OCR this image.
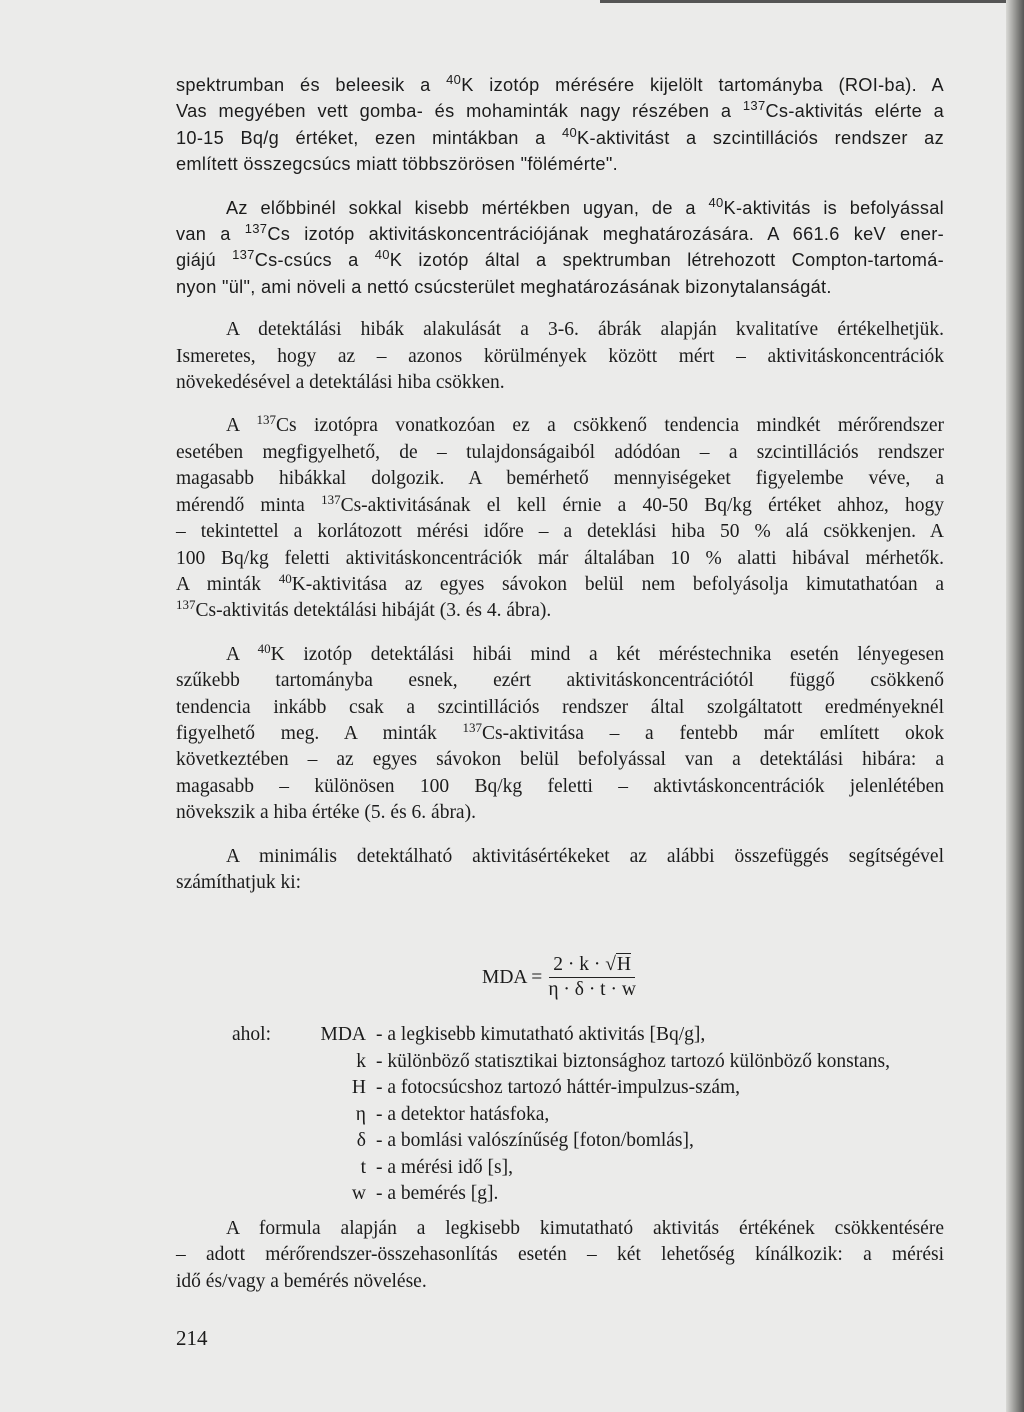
spektrumban és beleesik a $^{40}$K izotóp mérésére kijelölt tartományba (ROI-ba). A
Vas megyében vett gomba- és mohaminták nagy részében a $^{137}$Cs-aktivitás elérte a
10-15 Bq/g értéket, ezen mintákban a $^{40}$K-aktivitást a szcintillációs rendszer az
említett összegcsúcs miatt többszörösen "fölémérte".

Az előbbinél sokkal kisebb mértékben ugyan, de a $^{40}$K-aktivitás is befolyással
van a $^{137}$Cs izotóp aktivitáskoncentrációjának meghatározására. A 661.6 keV ener-
giájú $^{137}$Cs-csúcs a $^{40}$K izotóp által a spektrumban létrehozott Compton-tartomá-
nyon "ül", ami növeli a nettó csúcsterület meghatározásának bizonytalanságát.

A detektálási hibák alakulását a 3-6. ábrák alapján kvalitatíve értékelhetjük.
Ismeretes, hogy az – azonos körülmények között mért – aktivitáskoncentrációk
növekedésével a detektálási hiba csökken.

A $^{137}$Cs izotópra vonatkozóan ez a csökkenő tendencia mindkét mérőrendszer
esetében megfigyelhető, de – tulajdonságaiból adódóan – a szcintillációs rendszer
magasabb hibákkal dolgozik. A bemérhető mennyiségeket figyelembe véve, a
mérendő minta $^{137}$Cs-aktivitásának el kell érnie a 40-50 Bq/kg értéket ahhoz, hogy
– tekintettel a korlátozott mérési időre – a deteklási hiba 50 % alá csökkenjen. A
100 Bq/kg feletti aktivitáskoncentrációk már általában 10 % alatti hibával mérhetők.
A minták $^{40}$K-aktivitása az egyes sávokon belül nem befolyásolja kimutathatóan a
$^{137}$Cs-aktivitás detektálási hibáját (3. és 4. ábra).

A $^{40}$K izotóp detektálási hibái mind a két méréstechnika esetén lényegesen
szűkebb tartományba esnek, ezért aktivitáskoncentrációtól függő csökkenő
tendencia inkább csak a szcintillációs rendszer által szolgáltatott eredményeknél
figyelhető meg. A minták $^{137}$Cs-aktivitása – a fentebb már említett okok
következtében – az egyes sávokon belül befolyással van a detektálási hibára: a
magasabb – különösen 100 Bq/kg feletti – aktivtáskoncentrációk jelenlétében
növekszik a hiba értéke (5. és 6. ábra).

A minimális detektálható aktivitásértékeket az alábbi összefüggés segítségével
számíthatjuk ki:

MDA = $\frac{2 \cdot k \cdot √H}{\eta \cdot \delta \cdot t \cdot w}$
ahol:	MDA - a legkisebb kimutatható aktivitás [Bq/g],
k - különböző statisztikai biztonsághoz tartozó különböző konstans,
H - a fotocsúcshoz tartozó háttér-impulzus-szám,
η - a detektor hatásfoka,
δ - a bomlási valószínűség [foton/bomlás],
t - a mérési idő [s],
w - a bemérés [g].

A formula alapján a legkisebb kimutatható aktivitás értékének csökkentésére
– adott mérőrendszer-összehasonlítás esetén – két lehetőség kínálkozik: a mérési
idő és/vagy a bemérés növelése.

214
